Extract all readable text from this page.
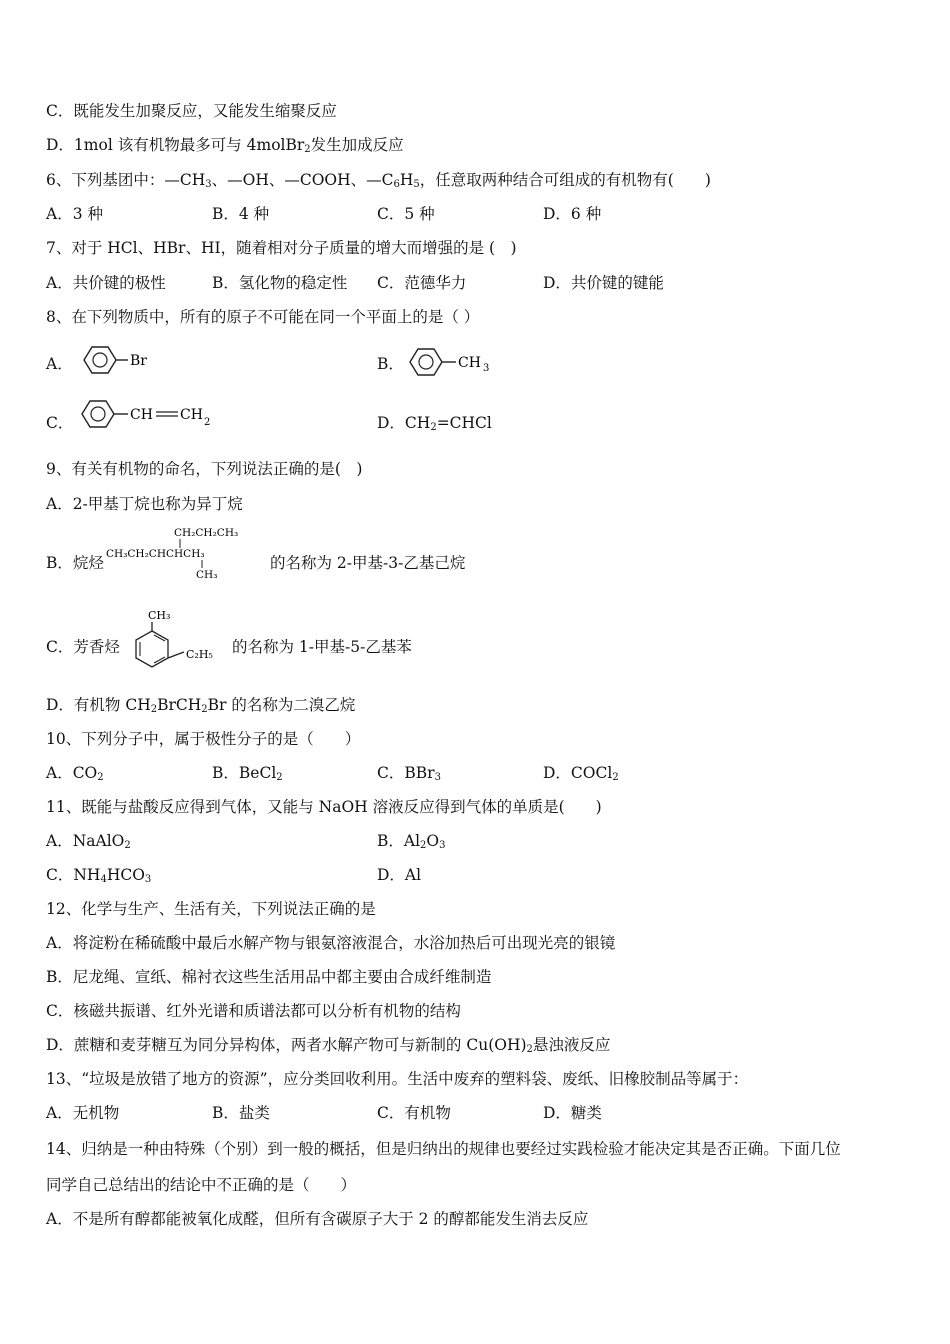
C．既能发生加聚反应，又能发生缩聚反应
D．1mol 该有机物最多可与 4molBr$_2$发生加成反应
6、下列基团中：$—CH_3$、—OH、—COOH、$—C_6H_5$，任意取两种结合可组成的有机物有(　　)
A．3 种	B．4 种	C．5 种	D．6 种
7、对于 HCl、HBr、HI，随着相对分子质量的增大而增强的是 (　)
A．共价键的极性	B．氢化物的稳定性 C．范德华力	D．共价键的键能
8、在下列物质中，所有的原子不可能在同一个平面上的是（ ）
A．	Br	B．	CH 3
C．	CH CH 2	D．$CH_2=CHCl$
9、有关有机物的命名，下列说法正确的是(　)
A．2-甲基丁烷也称为异丁烷
B．烷烃
CH₂CH₂CH₃
CH₃CH₂CHCHCH₃
CH₃
的名称为 2-甲基-3-乙基己烷
C．芳香烃
CH₃
C₂H₅ 的名称为 1-甲基-5-乙基苯
D．有机物 $CH_2BrCH_2Br$ 的名称为二溴乙烷
10、下列分子中，属于极性分子的是（　　）
A．$CO_2$	B．BeCl$_2$	C．BBr$_3$	D．COCl$_2$
11、既能与盐酸反应得到气体，又能与 NaOH 溶液反应得到气体的单质是(　　)
A．NaAlO$_2$	B．$Al_2O_3$
C．$NH_4HCO_3$	D．Al
12、化学与生产、生活有关，下列说法正确的是
A．将淀粉在稀硫酸中最后水解产物与银氨溶液混合，水浴加热后可出现光亮的银镜
B．尼龙绳、宣纸、棉衬衣这些生活用品中都主要由合成纤维制造
C．核磁共振谱、红外光谱和质谱法都可以分析有机物的结构
D．蔗糖和麦芽糖互为同分异构体，两者水解产物可与新制的 $Cu(OH)_2$悬浊液反应
13、“垃圾是放错了地方的资源”，应分类回收利用。生活中废弃的塑料袋、废纸、旧橡胶制品等属于：
A．无机物	B．盐类	C．有机物	D．糖类
14、归纳是一种由特殊（个别）到一般的概括，但是归纳出的规律也要经过实践检验才能决定其是否正确。下面几位
同学自己总结出的结论中不正确的是（　　）
A．不是所有醇都能被氧化成醛，但所有含碳原子大于 2 的醇都能发生消去反应
